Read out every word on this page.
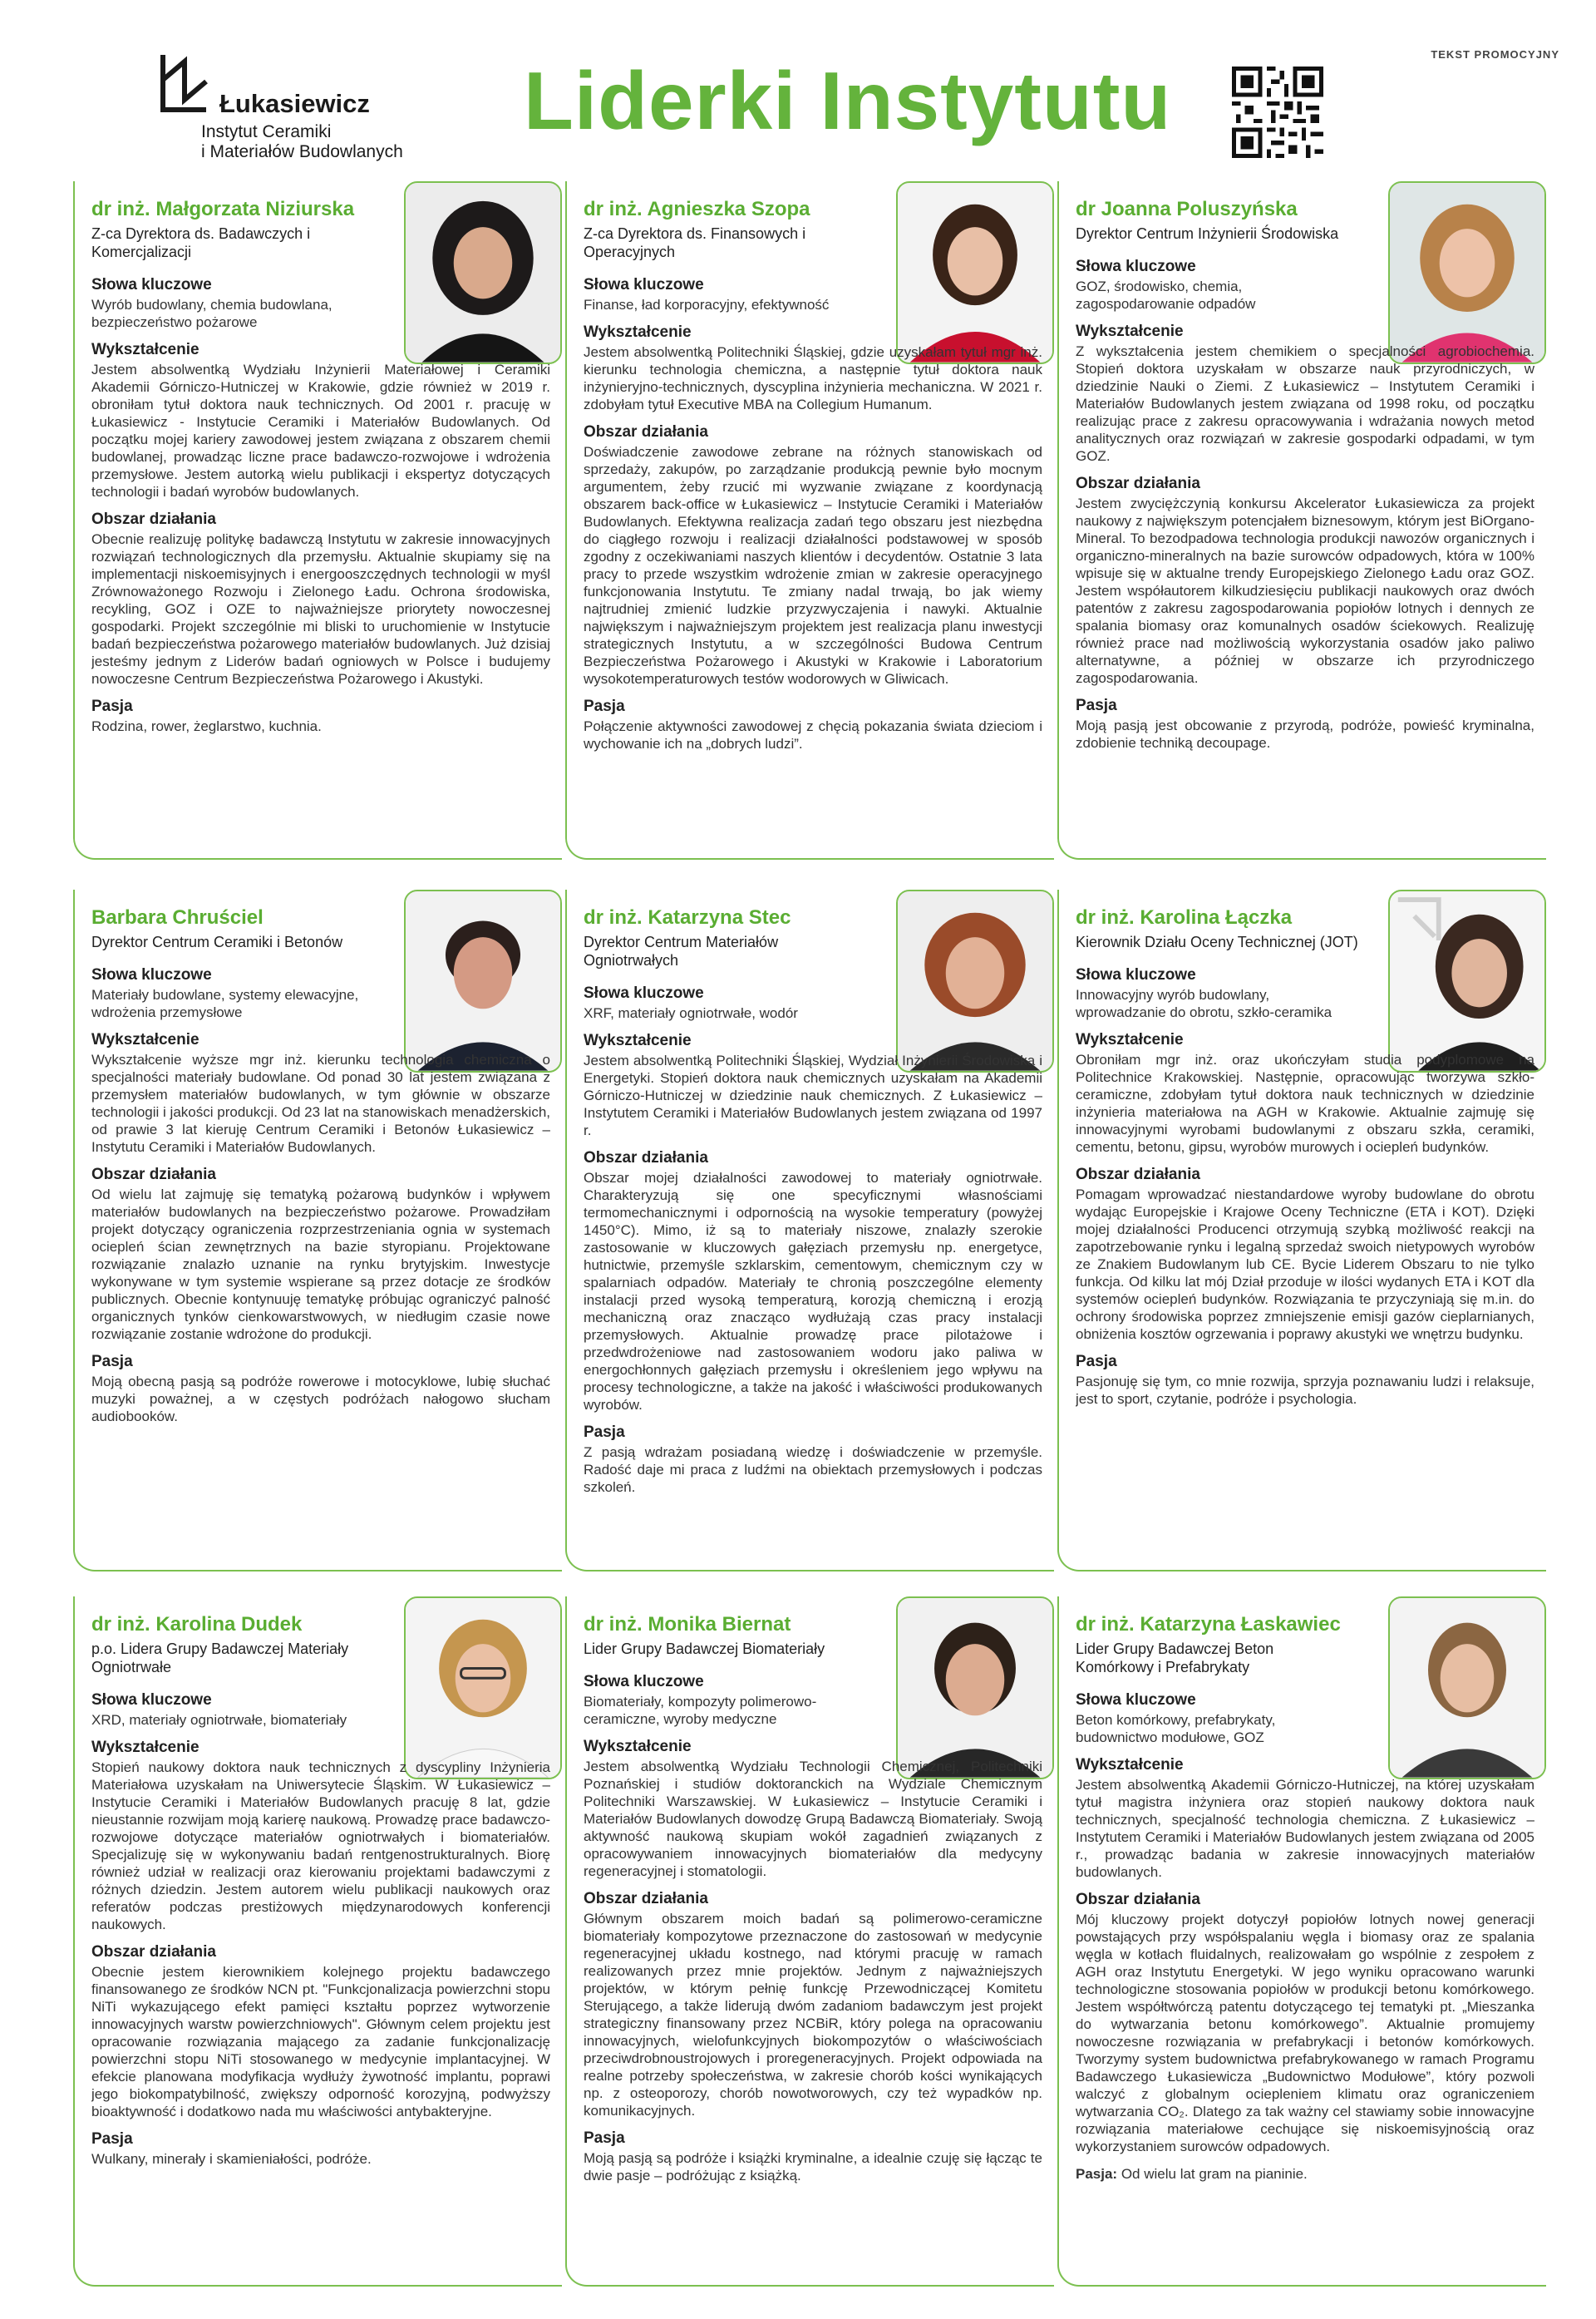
TEKST PROMOCYJNY
Łukasiewicz
Instytut Ceramiki
i Materiałów Budowlanych
Liderki Instytutu
dr inż. Małgorzata Niziurska
Z-ca Dyrektora ds. Badawczych i Komercjalizacji
Słowa kluczowe
Wyrób budowlany, chemia budowlana, bezpieczeństwo pożarowe
Wykształcenie
Jestem absolwentką Wydziału Inżynierii Materiałowej i Ceramiki Akademii Górniczo-Hutniczej w Krakowie, gdzie również w 2019 r. obroniłam tytuł doktora nauk technicznych. Od 2001 r. pracuję w Łukasiewicz - Instytucie Ceramiki i Materiałów Budowlanych. Od początku mojej kariery zawodowej jestem związana z obszarem chemii budowlanej, prowadząc liczne prace badawczo-rozwojowe i wdrożenia przemysłowe. Jestem autorką wielu publikacji i ekspertyz dotyczących technologii i badań wyrobów budowlanych.
Obszar działania
Obecnie realizuję politykę badawczą Instytutu w zakresie innowacyjnych rozwiązań technologicznych dla przemysłu. Aktualnie skupiamy się na implementacji niskoemisyjnych i energooszczędnych technologii w myśl Zrównoważonego Rozwoju i Zielonego Ładu. Ochrona środowiska, recykling, GOZ i OZE to najważniejsze priorytety nowoczesnej gospodarki. Projekt szczególnie mi bliski to uruchomienie w Instytucie badań bezpieczeństwa pożarowego materiałów budowlanych. Już dzisiaj jesteśmy jednym z Liderów badań ogniowych w Polsce i budujemy nowoczesne Centrum Bezpieczeństwa Pożarowego i Akustyki.
Pasja
Rodzina, rower, żeglarstwo, kuchnia.
dr inż. Agnieszka Szopa
Z-ca Dyrektora ds. Finansowych i Operacyjnych
Słowa kluczowe
Finanse, ład korporacyjny, efektywność
Wykształcenie
Jestem absolwentką Politechniki Śląskiej, gdzie uzyskałam tytuł mgr inż. kierunku technologia chemiczna, a następnie tytuł doktora nauk inżynieryjno-technicznych, dyscyplina inżynieria mechaniczna. W 2021 r. zdobyłam tytuł Executive MBA na Collegium Humanum.
Obszar działania
Doświadczenie zawodowe zebrane na różnych stanowiskach od sprzedaży, zakupów, po zarządzanie produkcją pewnie było mocnym argumentem, żeby rzucić mi wyzwanie związane z koordynacją obszarem back-office w Łukasiewicz – Instytucie Ceramiki i Materiałów Budowlanych. Efektywna realizacja zadań tego obszaru jest niezbędna do ciągłego rozwoju i realizacji działalności podstawowej w sposób zgodny z oczekiwaniami naszych klientów i decydentów. Ostatnie 3 lata pracy to przede wszystkim wdrożenie zmian w zakresie operacyjnego funkcjonowania Instytutu. Te zmiany nadal trwają, bo jak wiemy najtrudniej zmienić ludzkie przyzwyczajenia i nawyki. Aktualnie największym i najważniejszym projektem jest realizacja planu inwestycji strategicznych Instytutu, a w szczególności Budowa Centrum Bezpieczeństwa Pożarowego i Akustyki w Krakowie i Laboratorium wysokotemperaturowych testów wodorowych w Gliwicach.
Pasja
Połączenie aktywności zawodowej z chęcią pokazania świata dzieciom i wychowanie ich na „dobrych ludzi”.
dr Joanna Poluszyńska
Dyrektor Centrum Inżynierii Środowiska
Słowa kluczowe
GOZ, środowisko, chemia, zagospodarowanie odpadów
Wykształcenie
Z wykształcenia jestem chemikiem o specjalności agrobiochemia. Stopień doktora uzyskałam w obszarze nauk przyrodniczych, w dziedzinie Nauki o Ziemi. Z Łukasiewicz – Instytutem Ceramiki i Materiałów Budowlanych jestem związana od 1998 roku, od początku realizując prace z zakresu opracowywania i wdrażania nowych metod analitycznych oraz rozwiązań w zakresie gospodarki odpadami, w tym GOZ.
Obszar działania
Jestem zwyciężczynią konkursu Akcelerator Łukasiewicza za projekt naukowy z największym potencjałem biznesowym, którym jest BiOrgano-Mineral. To bezodpadowa technologia produkcji nawozów organicznych i organiczno-mineralnych na bazie surowców odpadowych, która w 100% wpisuje się w aktualne trendy Europejskiego Zielonego Ładu oraz GOZ. Jestem współautorem kilkudziesięciu publikacji naukowych oraz dwóch patentów z zakresu zagospodarowania popiołów lotnych i dennych ze spalania biomasy oraz komunalnych osadów ściekowych. Realizuję również prace nad możliwością wykorzystania osadów jako paliwo alternatywne, a później w obszarze ich przyrodniczego zagospodarowania.
Pasja
Moją pasją jest obcowanie z przyrodą, podróże, powieść kryminalna, zdobienie techniką decoupage.
Barbara Chruściel
Dyrektor Centrum Ceramiki i Betonów
Słowa kluczowe
Materiały budowlane, systemy elewacyjne, wdrożenia przemysłowe
Wykształcenie
Wykształcenie wyższe mgr inż. kierunku technologia chemiczna o specjalności materiały budowlane. Od ponad 30 lat jestem związana z przemysłem materiałów budowlanych, w tym głównie w obszarze technologii i jakości produkcji. Od 23 lat na stanowiskach menadżerskich, od prawie 3 lat kieruję Centrum Ceramiki i Betonów Łukasiewicz – Instytutu Ceramiki i Materiałów Budowlanych.
Obszar działania
Od wielu lat zajmuję się tematyką pożarową budynków i wpływem materiałów budowlanych na bezpieczeństwo pożarowe. Prowadziłam projekt dotyczący ograniczenia rozprzestrzeniania ognia w systemach ociepleń ścian zewnętrznych na bazie styropianu. Projektowane rozwiązanie znalazło uznanie na rynku brytyjskim. Inwestycje wykonywane w tym systemie wspierane są przez dotacje ze środków publicznych. Obecnie kontynuuję tematykę próbując ograniczyć palność organicznych tynków cienkowarstwowych, w niedługim czasie nowe rozwiązanie zostanie wdrożone do produkcji.
Pasja
Moją obecną pasją są podróże rowerowe i motocyklowe, lubię słuchać muzyki poważnej, a w częstych podróżach nałogowo słucham audiobooków.
dr inż. Katarzyna Stec
Dyrektor Centrum Materiałów Ogniotrwałych
Słowa kluczowe
XRF, materiały ogniotrwałe, wodór
Wykształcenie
Jestem absolwentką Politechniki Śląskiej, Wydział Inżynierii Środowiska i Energetyki. Stopień doktora nauk chemicznych uzyskałam na Akademii Górniczo-Hutniczej w dziedzinie nauk chemicznych. Z Łukasiewicz – Instytutem Ceramiki i Materiałów Budowlanych jestem związana od 1997 r.
Obszar działania
Obszar mojej działalności zawodowej to materiały ogniotrwałe. Charakteryzują się one specyficznymi własnościami termomechanicznymi i odpornością na wysokie temperatury (powyżej 1450°C). Mimo, iż są to materiały niszowe, znalazły szerokie zastosowanie w kluczowych gałęziach przemysłu np. energetyce, hutnictwie, przemyśle szklarskim, cementowym, chemicznym czy w spalarniach odpadów. Materiały te chronią poszczególne elementy instalacji przed wysoką temperaturą, korozją chemiczną i erozją mechaniczną oraz znacząco wydłużają czas pracy instalacji przemysłowych. Aktualnie prowadzę prace pilotażowe i przedwdrożeniowe nad zastosowaniem wodoru jako paliwa w energochłonnych gałęziach przemysłu i określeniem jego wpływu na procesy technologiczne, a także na jakość i właściwości produkowanych wyrobów.
Pasja
Z pasją wdrażam posiadaną wiedzę i doświadczenie w przemyśle. Radość daje mi praca z ludźmi na obiektach przemysłowych i podczas szkoleń.
dr inż. Karolina Łączka
Kierownik Działu Oceny Technicznej (JOT)
Słowa kluczowe
Innowacyjny wyrób budowlany, wprowadzanie do obrotu, szkło-ceramika
Wykształcenie
Obroniłam mgr inż. oraz ukończyłam studia podyplomowe na Politechnice Krakowskiej. Następnie, opracowując tworzywa szkło-ceramiczne, zdobyłam tytuł doktora nauk technicznych w dziedzinie inżynieria materiałowa na AGH w Krakowie. Aktualnie zajmuję się innowacyjnymi wyrobami budowlanymi z obszaru szkła, ceramiki, cementu, betonu, gipsu, wyrobów murowych i ociepleń budynków.
Obszar działania
Pomagam wprowadzać niestandardowe wyroby budowlane do obrotu wydając Europejskie i Krajowe Oceny Techniczne (ETA i KOT). Dzięki mojej działalności Producenci otrzymują szybką możliwość reakcji na zapotrzebowanie rynku i legalną sprzedaż swoich nietypowych wyrobów ze Znakiem Budowlanym lub CE. Bycie Liderem Obszaru to nie tylko funkcja. Od kilku lat mój Dział przoduje w ilości wydanych ETA i KOT dla systemów ociepleń budynków. Rozwiązania te przyczyniają się m.in. do ochrony środowiska poprzez zmniejszenie emisji gazów cieplarnianych, obniżenia kosztów ogrzewania i poprawy akustyki we wnętrzu budynku.
Pasja
Pasjonuję się tym, co mnie rozwija, sprzyja poznawaniu ludzi i relaksuje, jest to sport, czytanie, podróże i psychologia.
dr inż. Karolina Dudek
p.o. Lidera Grupy Badawczej Materiały Ogniotrwałe
Słowa kluczowe
XRD, materiały ogniotrwałe, biomateriały
Wykształcenie
Stopień naukowy doktora nauk technicznych z dyscypliny Inżynieria Materiałowa uzyskałam na Uniwersytecie Śląskim. W Łukasiewicz – Instytucie Ceramiki i Materiałów Budowlanych pracuję 8 lat, gdzie nieustannie rozwijam moją karierę naukową. Prowadzę prace badawczo-rozwojowe dotyczące materiałów ogniotrwałych i biomateriałów. Specjalizuję się w wykonywaniu badań rentgenostrukturalnych. Biorę również udział w realizacji oraz kierowaniu projektami badawczymi z różnych dziedzin. Jestem autorem wielu publikacji naukowych oraz referatów podczas prestiżowych międzynarodowych konferencji naukowych.
Obszar działania
Obecnie jestem kierownikiem kolejnego projektu badawczego finansowanego ze środków NCN pt. "Funkcjonalizacja powierzchni stopu NiTi wykazującego efekt pamięci kształtu poprzez wytworzenie innowacyjnych warstw powierzchniowych". Głównym celem projektu jest opracowanie rozwiązania mającego za zadanie funkcjonalizację powierzchni stopu NiTi stosowanego w medycynie implantacyjnej. W efekcie planowana modyfikacja wydłuży żywotność implantu, poprawi jego biokompatybilność, zwiększy odporność korozyjną, podwyższy bioaktywność i dodatkowo nada mu właściwości antybakteryjne.
Pasja
Wulkany, minerały i skamieniałości, podróże.
dr inż. Monika Biernat
Lider Grupy Badawczej Biomateriały
Słowa kluczowe
Biomateriały, kompozyty polimerowo-ceramiczne, wyroby medyczne
Wykształcenie
Jestem absolwentką Wydziału Technologii Chemicznej, Politechniki Poznańskiej i studiów doktoranckich na Wydziale Chemicznym Politechniki Warszawskiej. W Łukasiewicz – Instytucie Ceramiki i Materiałów Budowlanych dowodzę Grupą Badawczą Biomateriały. Swoją aktywność naukową skupiam wokół zagadnień związanych z opracowywaniem innowacyjnych biomateriałów dla medycyny regeneracyjnej i stomatologii.
Obszar działania
Głównym obszarem moich badań są polimerowo-ceramiczne biomateriały kompozytowe przeznaczone do zastosowań w medycynie regeneracyjnej układu kostnego, nad którymi pracuję w ramach realizowanych przez mnie projektów. Jednym z najważniejszych projektów, w którym pełnię funkcję Przewodniczącej Komitetu Sterującego, a także liderują dwóm zadaniom badawczym jest projekt strategiczny finansowany przez NCBiR, który polega na opracowaniu innowacyjnych, wielofunkcyjnych biokompozytów o właściwościach przeciwdrobnoustrojowych i proregeneracyjnych. Projekt odpowiada na realne potrzeby społeczeństwa, w zakresie chorób kości wynikających np. z osteoporozy, chorób nowotworowych, czy też wypadków np. komunikacyjnych.
Pasja
Moją pasją są podróże i książki kryminalne, a idealnie czuję się łącząc te dwie pasje – podróżując z książką.
dr inż. Katarzyna Łaskawiec
Lider Grupy Badawczej Beton Komórkowy i Prefabrykaty
Słowa kluczowe
Beton komórkowy, prefabrykaty, budownictwo modułowe, GOZ
Wykształcenie
Jestem absolwentką Akademii Górniczo-Hutniczej, na której uzyskałam tytuł magistra inżyniera oraz stopień naukowy doktora nauk technicznych, specjalność technologia chemiczna. Z Łukasiewicz – Instytutem Ceramiki i Materiałów Budowlanych jestem związana od 2005 r., prowadząc badania w zakresie innowacyjnych materiałów budowlanych.
Obszar działania
Mój kluczowy projekt dotyczył popiołów lotnych nowej generacji powstających przy współspalaniu węgla i biomasy oraz ze spalania węgla w kotłach fluidalnych, realizowałam go wspólnie z zespołem z AGH oraz Instytutu Energetyki. W jego wyniku opracowano warunki technologiczne stosowania popiołów w produkcji betonu komórkowego. Jestem współtwórczą patentu dotyczącego tej tematyki pt. „Mieszanka do wytwarzania betonu komórkowego”. Aktualnie promujemy nowoczesne rozwiązania w prefabrykacji i betonów komórkowych. Tworzymy system budownictwa prefabrykowanego w ramach Programu Badawczego Łukasiewicza „Budownictwo Modułowe”, który pozwoli walczyć z globalnym ociepleniem klimatu oraz ograniczeniem wytwarzania CO₂. Dlatego za tak ważny cel stawiamy sobie innowacyjne rozwiązania materiałowe cechujące się niskoemisyjnością oraz wykorzystaniem surowców odpadowych.
Pasja: Od wielu lat gram na pianinie.
